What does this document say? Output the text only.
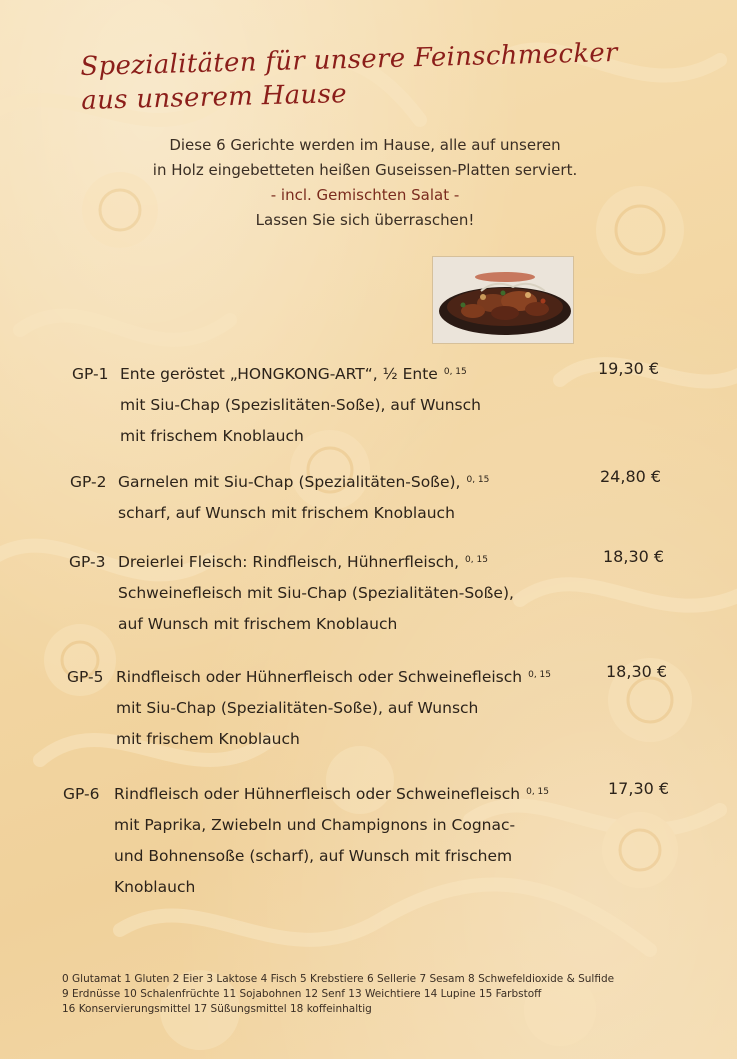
Spezialitäten für unsere Feinschmecker
aus unserem Hause
Diese 6 Gerichte werden im Hause, alle auf unseren
in Holz eingebetteten heißen Guseissen-Platten serviert.
- incl. Gemischten Salat -
Lassen Sie sich überraschen!
GP-1 Ente geröstet „HONGKONG-ART“, ½ Ente $^{0, 15}$
mit Siu-Chap (Spezislitäten-Soße), auf Wunsch
mit frischem Knoblauch
19,30 €
GP-2 Garnelen mit Siu-Chap (Spezialitäten-Soße), $^{0, 15}$
scharf, auf Wunsch mit frischem Knoblauch
24,80 €
GP-3 Dreierlei Fleisch: Rindfleisch, Hühnerfleisch, $^{0, 15}$
Schweinefleisch mit Siu-Chap (Spezialitäten-Soße),
auf Wunsch mit frischem Knoblauch
18,30 €
GP-5 Rindfleisch oder Hühnerfleisch oder Schweinefleisch $^{0, 15}$
mit Siu-Chap (Spezialitäten-Soße), auf Wunsch
mit frischem Knoblauch
18,30 €
GP-6 Rindfleisch oder Hühnerfleisch oder Schweinefleisch $^{0, 15}$
mit Paprika, Zwiebeln und Champignons in Cognac-
und Bohnensoße (scharf), auf Wunsch mit frischem
Knoblauch
17,30 €
0 Glutamat 1 Gluten 2 Eier 3 Laktose 4 Fisch 5 Krebstiere 6 Sellerie 7 Sesam 8 Schwefeldioxide & Sulfide
9 Erdnüsse 10 Schalenfrüchte 11 Sojabohnen 12 Senf 13 Weichtiere 14 Lupine 15 Farbstoff
16 Konservierungsmittel 17 Süßungsmittel 18 koffeinhaltig
